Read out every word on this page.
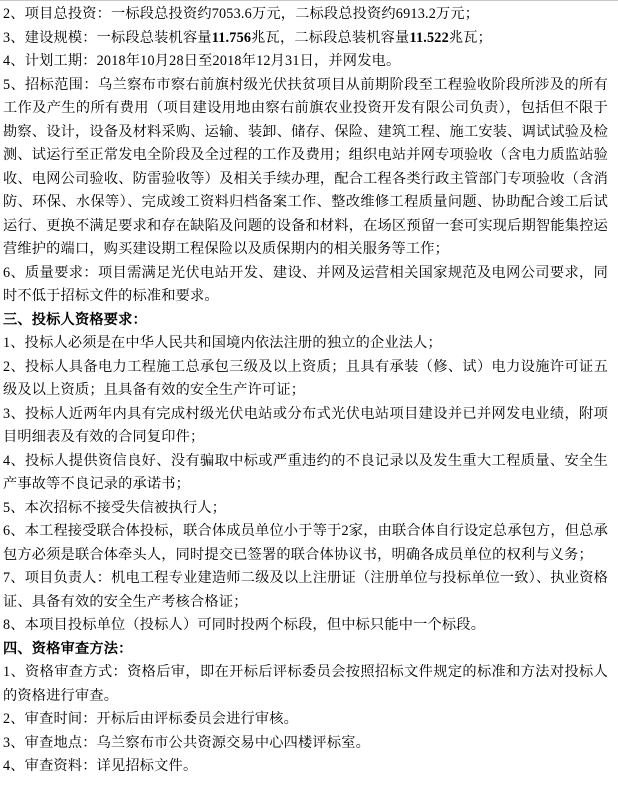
2、项目总投资：一标段总投资约7053.6万元，二标段总投资约6913.2万元；

3、建设规模：一标段总装机容量11.756兆瓦，二标段总装机容量11.522兆瓦；

4、计划工期：2018年10月28日至2018年12月31日，并网发电。

5、招标范围：乌兰察布市察右前旗村级光伏扶贫项目从前期阶段至工程验收阶段所涉及的所有工作及产生的所有费用（项目建设用地由察右前旗农业投资开发有限公司负责），包括但不限于勘察、设计，设备及材料采购、运输、装卸、储存、保险、建筑工程、施工安装、调试试验及检测、试运行至正常发电全阶段及全过程的工作及费用；组织电站并网专项验收（含电力质监站验收、电网公司验收、防雷验收等）及相关手续办理，配合工程各类行政主管部门专项验收（含消防、环保、水保等）、完成竣工资料归档备案工作、整改维修工程质量问题、协助配合竣工后试运行、更换不满足要求和存在缺陷及问题的设备和材料，在场区预留一套可实现后期智能集控运营维护的端口，购买建设期工程保险以及质保期内的相关服务等工作；

6、质量要求：项目需满足光伏电站开发、建设、并网及运营相关国家规范及电网公司要求，同时不低于招标文件的标准和要求。

三、投标人资格要求：

1、投标人必须是在中华人民共和国境内依法注册的独立的企业法人；

2、投标人具备电力工程施工总承包三级及以上资质；且具有承装（修、试）电力设施许可证五级及以上资质；且具备有效的安全生产许可证；

3、投标人近两年内具有完成村级光伏电站或分布式光伏电站项目建设并已并网发电业绩，附项目明细表及有效的合同复印件；

4、投标人提供资信良好、没有骗取中标或严重违约的不良记录以及发生重大工程质量、安全生产事故等不良记录的承诺书；

5、本次招标不接受失信被执行人；

6、本工程接受联合体投标，联合体成员单位小于等于2家，由联合体自行设定总承包方，但总承包方必须是联合体牵头人，同时提交已签署的联合体协议书，明确各成员单位的权利与义务；

7、项目负责人：机电工程专业建造师二级及以上注册证（注册单位与投标单位一致）、执业资格证、具备有效的安全生产考核合格证；

8、本项目投标单位（投标人）可同时投两个标段，但中标只能中一个标段。

四、资格审查方法：

1、资格审查方式：资格后审，即在开标后评标委员会按照招标文件规定的标准和方法对投标人的资格进行审查。

2、审查时间：开标后由评标委员会进行审核。

3、审查地点：乌兰察布市公共资源交易中心四楼评标室。

4、审查资料：详见招标文件。
